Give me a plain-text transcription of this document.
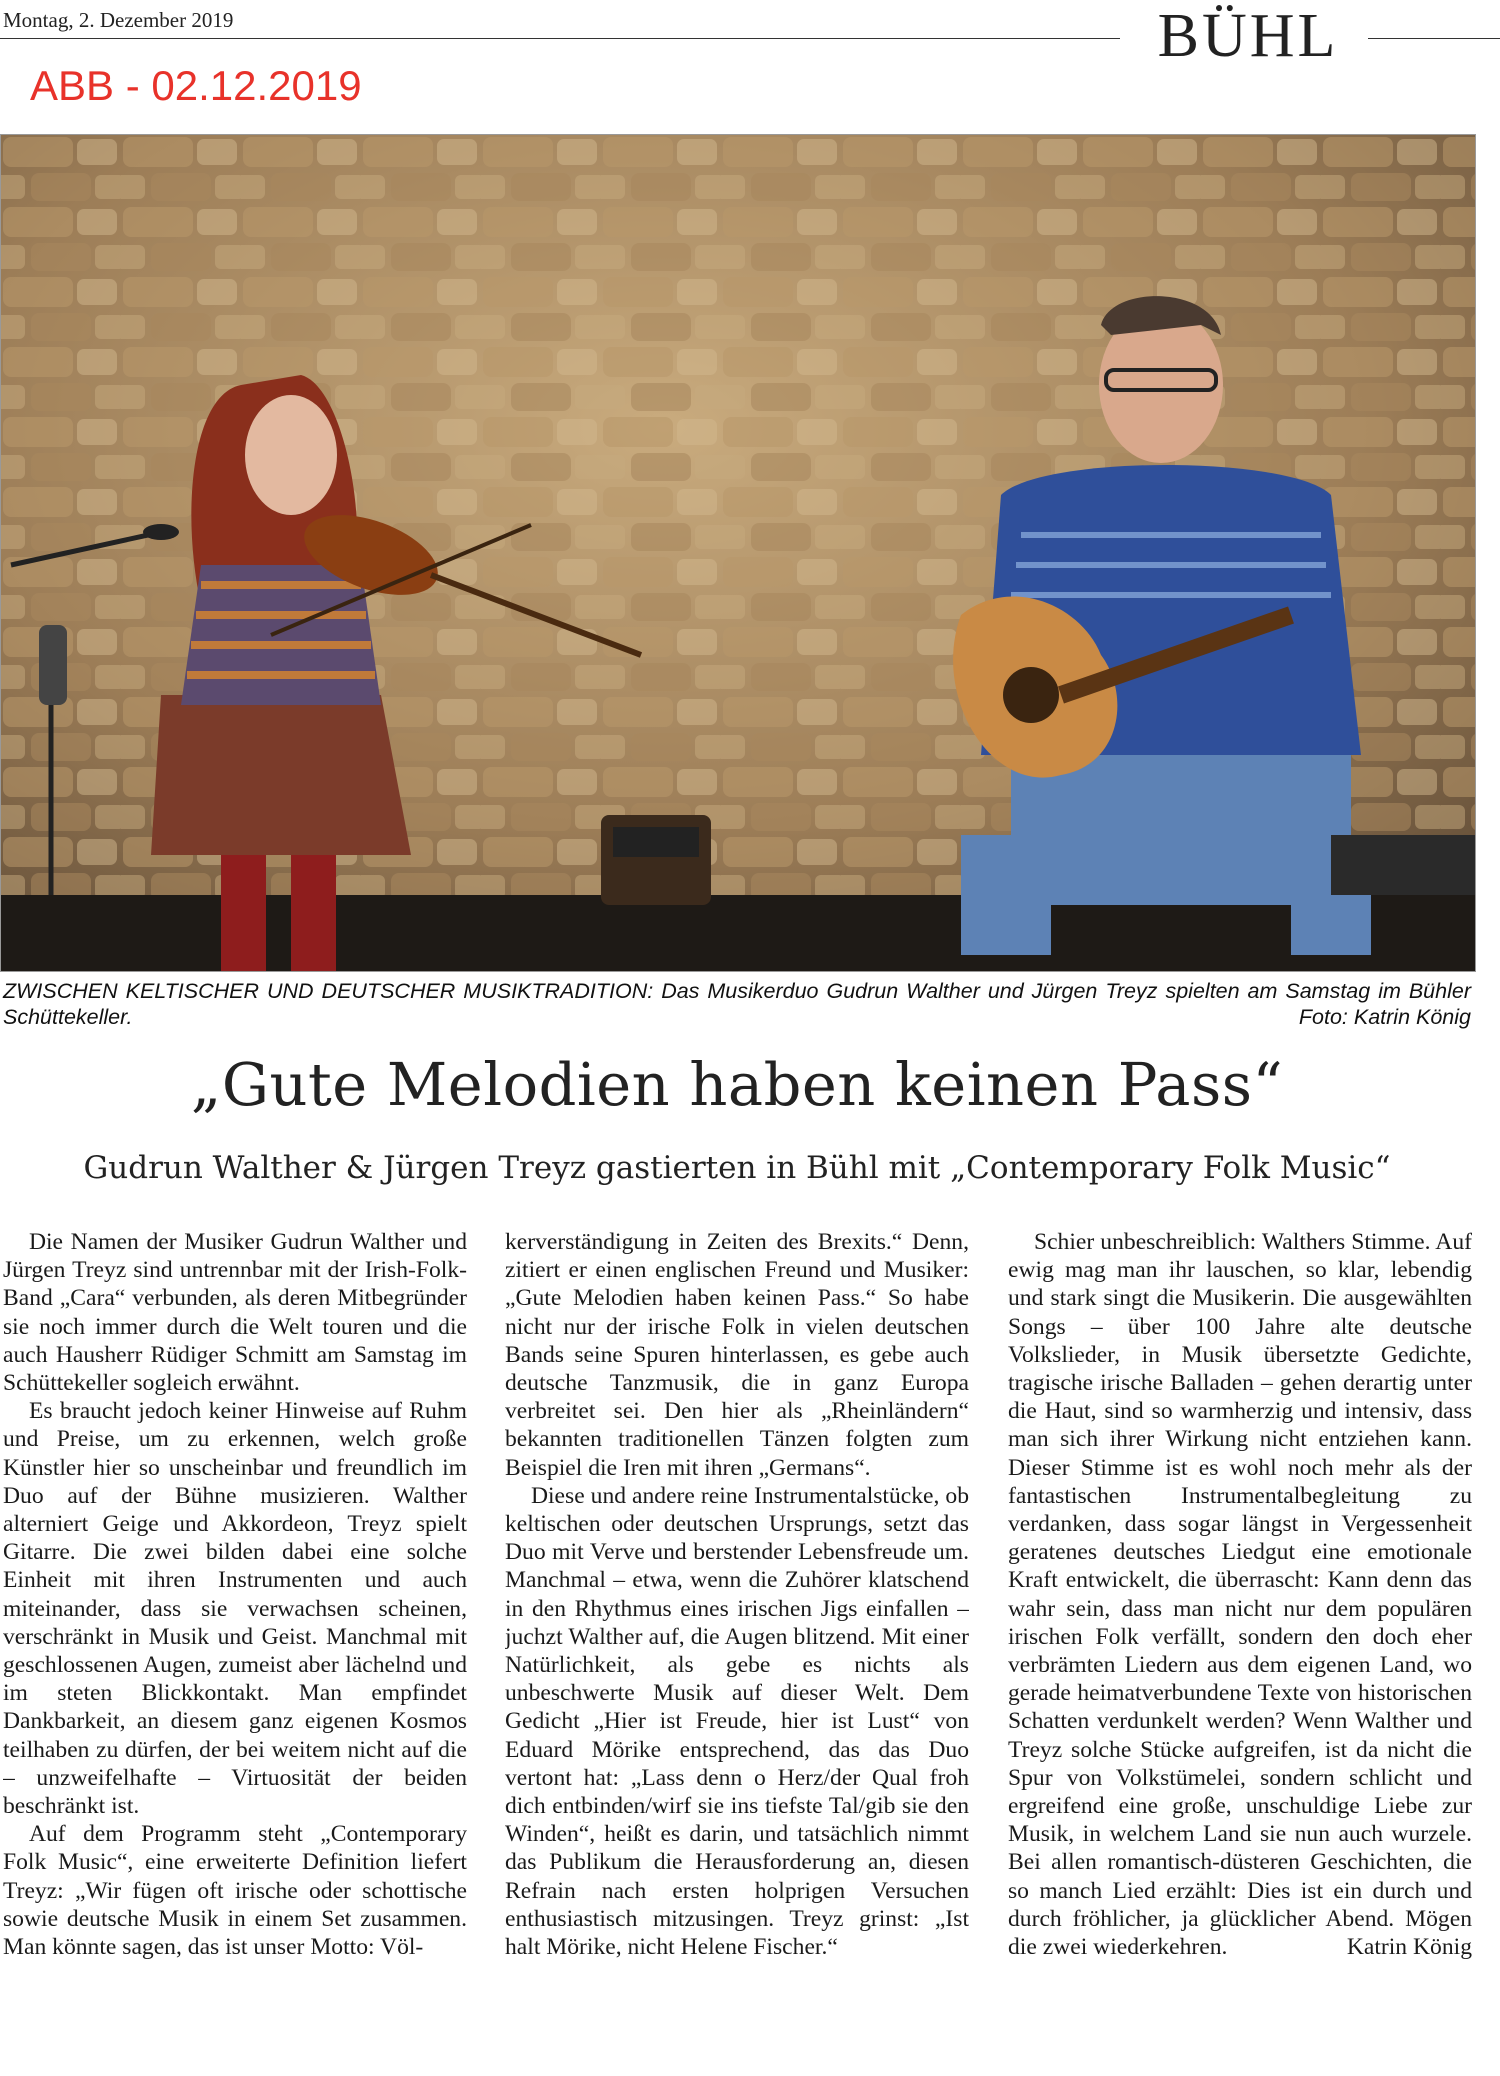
Montag, 2. Dezember 2019	BÜHL
ABB - 02.12.2019
ZWISCHEN KELTISCHER UND DEUTSCHER MUSIKTRADITION: Das Musikerduo Gudrun Walther und Jürgen Treyz spielten am Samstag im Bühler Schüttekeller.	Foto: Katrin König
„Gute Melodien haben keinen Pass“
Gudrun Walther & Jürgen Treyz gastierten in Bühl mit „Contemporary Folk Music“

Die Namen der Musiker Gudrun Walther und Jürgen Treyz sind untrennbar mit der Irish-Folk-Band „Cara“ verbunden, als deren Mitbegründer sie noch immer durch die Welt touren und die auch Hausherr Rüdiger Schmitt am Samstag im Schüttekeller sogleich erwähnt.

Es braucht jedoch keiner Hinweise auf Ruhm und Preise, um zu erkennen, welch große Künstler hier so unscheinbar und freundlich im Duo auf der Bühne musizieren. Walther alterniert Geige und Akkordeon, Treyz spielt Gitarre. Die zwei bilden dabei eine solche Einheit mit ihren Instrumenten und auch miteinander, dass sie verwachsen scheinen, verschränkt in Musik und Geist. Manchmal mit geschlossenen Augen, zumeist aber lächelnd und im steten Blickkontakt. Man empfindet Dankbarkeit, an diesem ganz eigenen Kosmos teilhaben zu dürfen, der bei weitem nicht auf die – unzweifelhafte – Virtuosität der beiden beschränkt ist.

Auf dem Programm steht „Contemporary Folk Music“, eine erweiterte Definition liefert Treyz: „Wir fügen oft irische oder schottische sowie deutsche Musik in einem Set zusammen. Man könnte sagen, das ist unser Motto: Völ-

kerverständigung in Zeiten des Brexits.“ Denn, zitiert er einen englischen Freund und Musiker: „Gute Melodien haben keinen Pass.“ So habe nicht nur der irische Folk in vielen deutschen Bands seine Spuren hinterlassen, es gebe auch deutsche Tanzmusik, die in ganz Europa verbreitet sei. Den hier als „Rheinländern“ bekannten traditionellen Tänzen folgten zum Beispiel die Iren mit ihren „Germans“.

Diese und andere reine Instrumentalstücke, ob keltischen oder deutschen Ursprungs, setzt das Duo mit Verve und berstender Lebensfreude um. Manchmal – etwa, wenn die Zuhörer klatschend in den Rhythmus eines irischen Jigs einfallen – juchzt Walther auf, die Augen blitzend. Mit einer Natürlichkeit, als gebe es nichts als unbeschwerte Musik auf dieser Welt. Dem Gedicht „Hier ist Freude, hier ist Lust“ von Eduard Mörike entsprechend, das das Duo vertont hat: „Lass denn o Herz/der Qual froh dich entbinden/wirf sie ins tiefste Tal/gib sie den Winden“, heißt es darin, und tatsächlich nimmt das Publikum die Herausforderung an, diesen Refrain nach ersten holprigen Versuchen enthusiastisch mitzusingen. Treyz grinst: „Ist halt Mörike, nicht Helene Fischer.“

Schier unbeschreiblich: Walthers Stimme. Auf ewig mag man ihr lauschen, so klar, lebendig und stark singt die Musikerin. Die ausgewählten Songs – über 100 Jahre alte deutsche Volkslieder, in Musik übersetzte Gedichte, tragische irische Balladen – gehen derartig unter die Haut, sind so warmherzig und intensiv, dass man sich ihrer Wirkung nicht entziehen kann. Dieser Stimme ist es wohl noch mehr als der fantastischen Instrumentalbegleitung zu verdanken, dass sogar längst in Vergessenheit geratenes deutsches Liedgut eine emotionale Kraft entwickelt, die überrascht: Kann denn das wahr sein, dass man nicht nur dem populären irischen Folk verfällt, sondern den doch eher verbrämten Liedern aus dem eigenen Land, wo gerade heimatverbundene Texte von historischen Schatten verdunkelt werden? Wenn Walther und Treyz solche Stücke aufgreifen, ist da nicht die Spur von Volkstümelei, sondern schlicht und ergreifend eine große, unschuldige Liebe zur Musik, in welchem Land sie nun auch wurzele. Bei allen romantisch-düsteren Geschichten, die so manch Lied erzählt: Dies ist ein durch und durch fröhlicher, ja glücklicher Abend. Mögen die zwei wiederkehren.	Katrin König
